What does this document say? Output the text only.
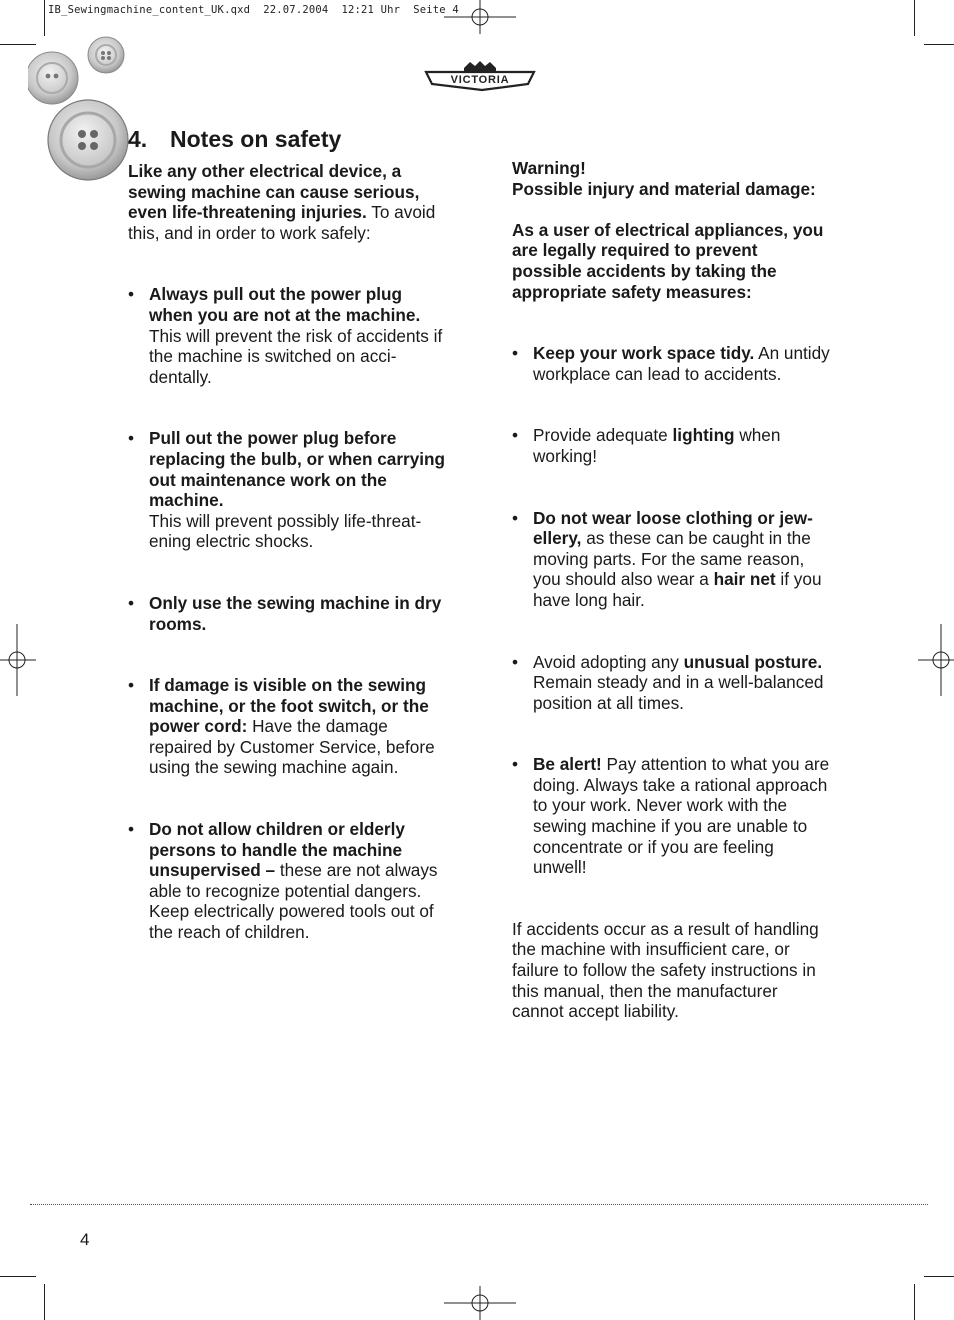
IB_Sewingmachine_content_UK.qxd  22.07.2004  12:21 Uhr  Seite 4
VICTORIA
4. Notes on safety

Like any other electrical device, a sewing machine can cause serious, even life-threatening injuries. To avoid this, and in order to work safely:

• Always pull out the power plug when you are not at the machine.
This will prevent the risk of accidents if the machine is switched on accidentally.
• Pull out the power plug before replacing the bulb, or when carrying out maintenance work on the machine.
This will prevent possibly life-threatening electric shocks.
• Only use the sewing machine in dry rooms.
• If damage is visible on the sewing machine, or the foot switch, or the power cord: Have the damage repaired by Customer Service, before using the sewing machine again.
• Do not allow children or elderly persons to handle the machine unsupervised – these are not always able to recognize potential dangers. Keep electrically powered tools out of the reach of children.

Warning!

Possible injury and material damage:

As a user of electrical appliances, you are legally required to prevent possible accidents by taking the appropriate safety measures:

• Keep your work space tidy. An untidy workplace can lead to accidents.
• Provide adequate lighting when working!
• Do not wear loose clothing or jewellery, as these can be caught in the moving parts. For the same reason, you should also wear a hair net if you have long hair.
• Avoid adopting any unusual posture. Remain steady and in a well-balanced position at all times.
• Be alert! Pay attention to what you are doing. Always take a rational approach to your work. Never work with the sewing machine if you are unable to concentrate or if you are feeling unwell!

If accidents occur as a result of handling the machine with insufficient care, or failure to follow the safety instructions in this manual, then the manufacturer cannot accept liability.

4
